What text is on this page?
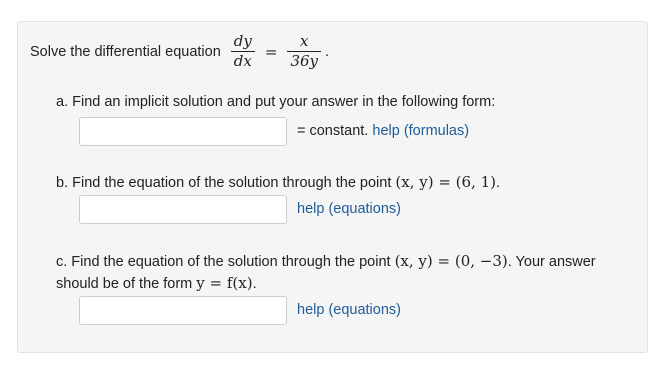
Solve the differential equation $\frac{dy}{dx} = \frac{x}{36y}$ .
a. Find an implicit solution and put your answer in the following form:
= constant. help (formulas)
b. Find the equation of the solution through the point (x, y) = (6, 1).
help (equations)
c. Find the equation of the solution through the point (x, y) = (0, −3). Your answer should be of the form y = f(x).
help (equations)
